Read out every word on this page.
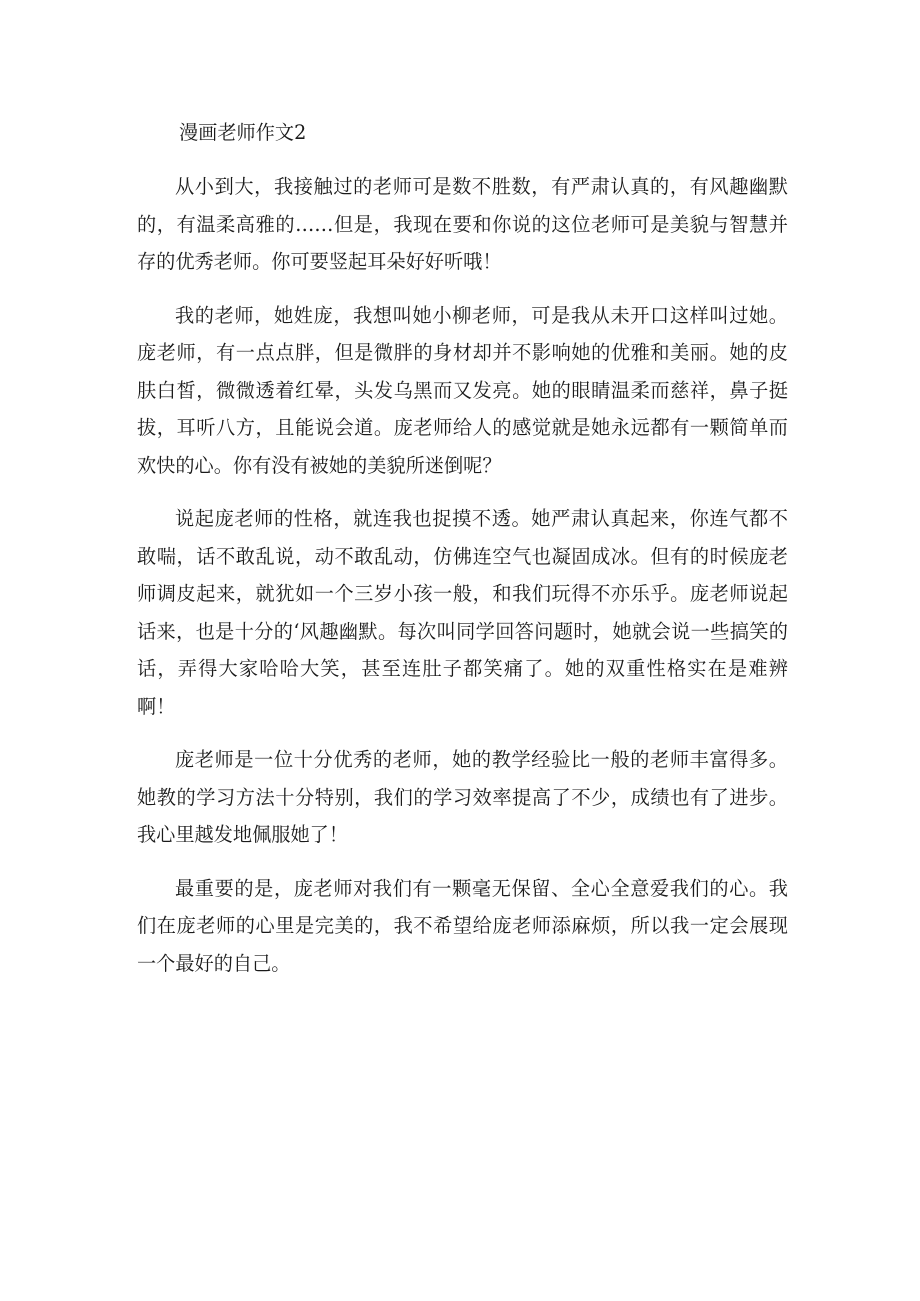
漫画老师作文2

从小到大，我接触过的老师可是数不胜数，有严肃认真的，有风趣幽默的，有温柔高雅的……但是，我现在要和你说的这位老师可是美貌与智慧并存的优秀老师。你可要竖起耳朵好好听哦！

我的老师，她姓庞，我想叫她小柳老师，可是我从未开口这样叫过她。庞老师，有一点点胖，但是微胖的身材却并不影响她的优雅和美丽。她的皮肤白皙，微微透着红晕，头发乌黑而又发亮。她的眼睛温柔而慈祥，鼻子挺拔，耳听八方，且能说会道。庞老师给人的感觉就是她永远都有一颗简单而欢快的心。你有没有被她的美貌所迷倒呢？

说起庞老师的性格，就连我也捉摸不透。她严肃认真起来，你连气都不敢喘，话不敢乱说，动不敢乱动，仿佛连空气也凝固成冰。但有的时候庞老师调皮起来，就犹如一个三岁小孩一般，和我们玩得不亦乐乎。庞老师说起话来，也是十分的‘风趣幽默。每次叫同学回答问题时，她就会说一些搞笑的话，弄得大家哈哈大笑，甚至连肚子都笑痛了。她的双重性格实在是难辨啊！

庞老师是一位十分优秀的老师，她的教学经验比一般的老师丰富得多。她教的学习方法十分特别，我们的学习效率提高了不少，成绩也有了进步。我心里越发地佩服她了！

最重要的是，庞老师对我们有一颗毫无保留、全心全意爱我们的心。我们在庞老师的心里是完美的，我不希望给庞老师添麻烦，所以我一定会展现一个最好的自己。
